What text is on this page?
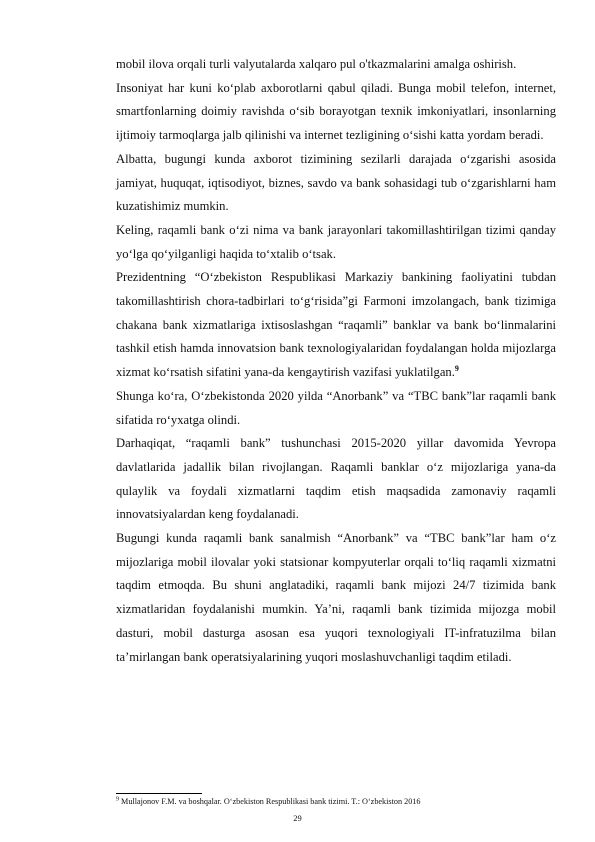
mobil ilova orqali turli valyutalarda xalqaro pul o'tkazmalarini amalga oshirish.

Insoniyat har kuni ko‘plab axborotlarni qabul qiladi. Bunga mobil telefon, internet, smartfonlarning doimiy ravishda o‘sib borayotgan texnik imkoniyatlari, insonlarning ijtimoiy tarmoqlarga jalb qilinishi va internet tezligining o‘sishi katta yordam beradi.

Albatta, bugungi kunda axborot tizimining sezilarli darajada o‘zgarishi asosida jamiyat, huquqat, iqtisodiyot, biznes, savdo va bank sohasidagi tub o‘zgarishlarni ham kuzatishimiz mumkin.

Keling, raqamli bank o‘zi nima va bank jarayonlari takomillashtirilgan tizimi qanday yo‘lga qo‘yilganligi haqida to‘xtalib o‘tsak.

Prezidentning “O‘zbekiston Respublikasi Markaziy bankining faoliyatini tubdan takomillashtirish chora-tadbirlari to‘g‘risida”gi Farmoni imzolangach, bank tizimiga chakana bank xizmatlariga ixtisoslashgan “raqamli” banklar va bank bo‘linmalarini tashkil etish hamda innovatsion bank texnologiyalaridan foydalangan holda mijozlarga xizmat ko‘rsatish sifatini yana-da kengaytirish vazifasi yuklatilgan.$^9$

Shunga ko‘ra, O‘zbekistonda 2020 yilda “Anorbank” va “TBC bank”lar raqamli bank sifatida ro‘yxatga olindi.

Darhaqiqat, “raqamli bank” tushunchasi 2015-2020 yillar davomida Yevropa davlatlarida jadallik bilan rivojlangan. Raqamli banklar o‘z mijozlariga yana-da qulaylik va foydali xizmatlarni taqdim etish maqsadida zamonaviy raqamli innovatsiyalardan keng foydalanadi.

Bugungi kunda raqamli bank sanalmish “Anorbank” va “TBC bank”lar ham o‘z mijozlariga mobil ilovalar yoki statsionar kompyuterlar orqali to‘liq raqamli xizmatni taqdim etmoqda. Bu shuni anglatadiki, raqamli bank mijozi 24/7 tizimida bank xizmatlaridan foydalanishi mumkin. Ya’ni, raqamli bank tizimida mijozga mobil dasturi, mobil dasturga asosan esa yuqori texnologiyali IT-infratuzilma bilan ta’mirlangan bank operatsiyalarining yuqori moslashuvchanligi taqdim etiladi.

$^9$ Mullajonov F.M. va boshqalar. O‘zbekiston Respublikasi bank tizimi. T.: O‘zbekiston 2016

29
